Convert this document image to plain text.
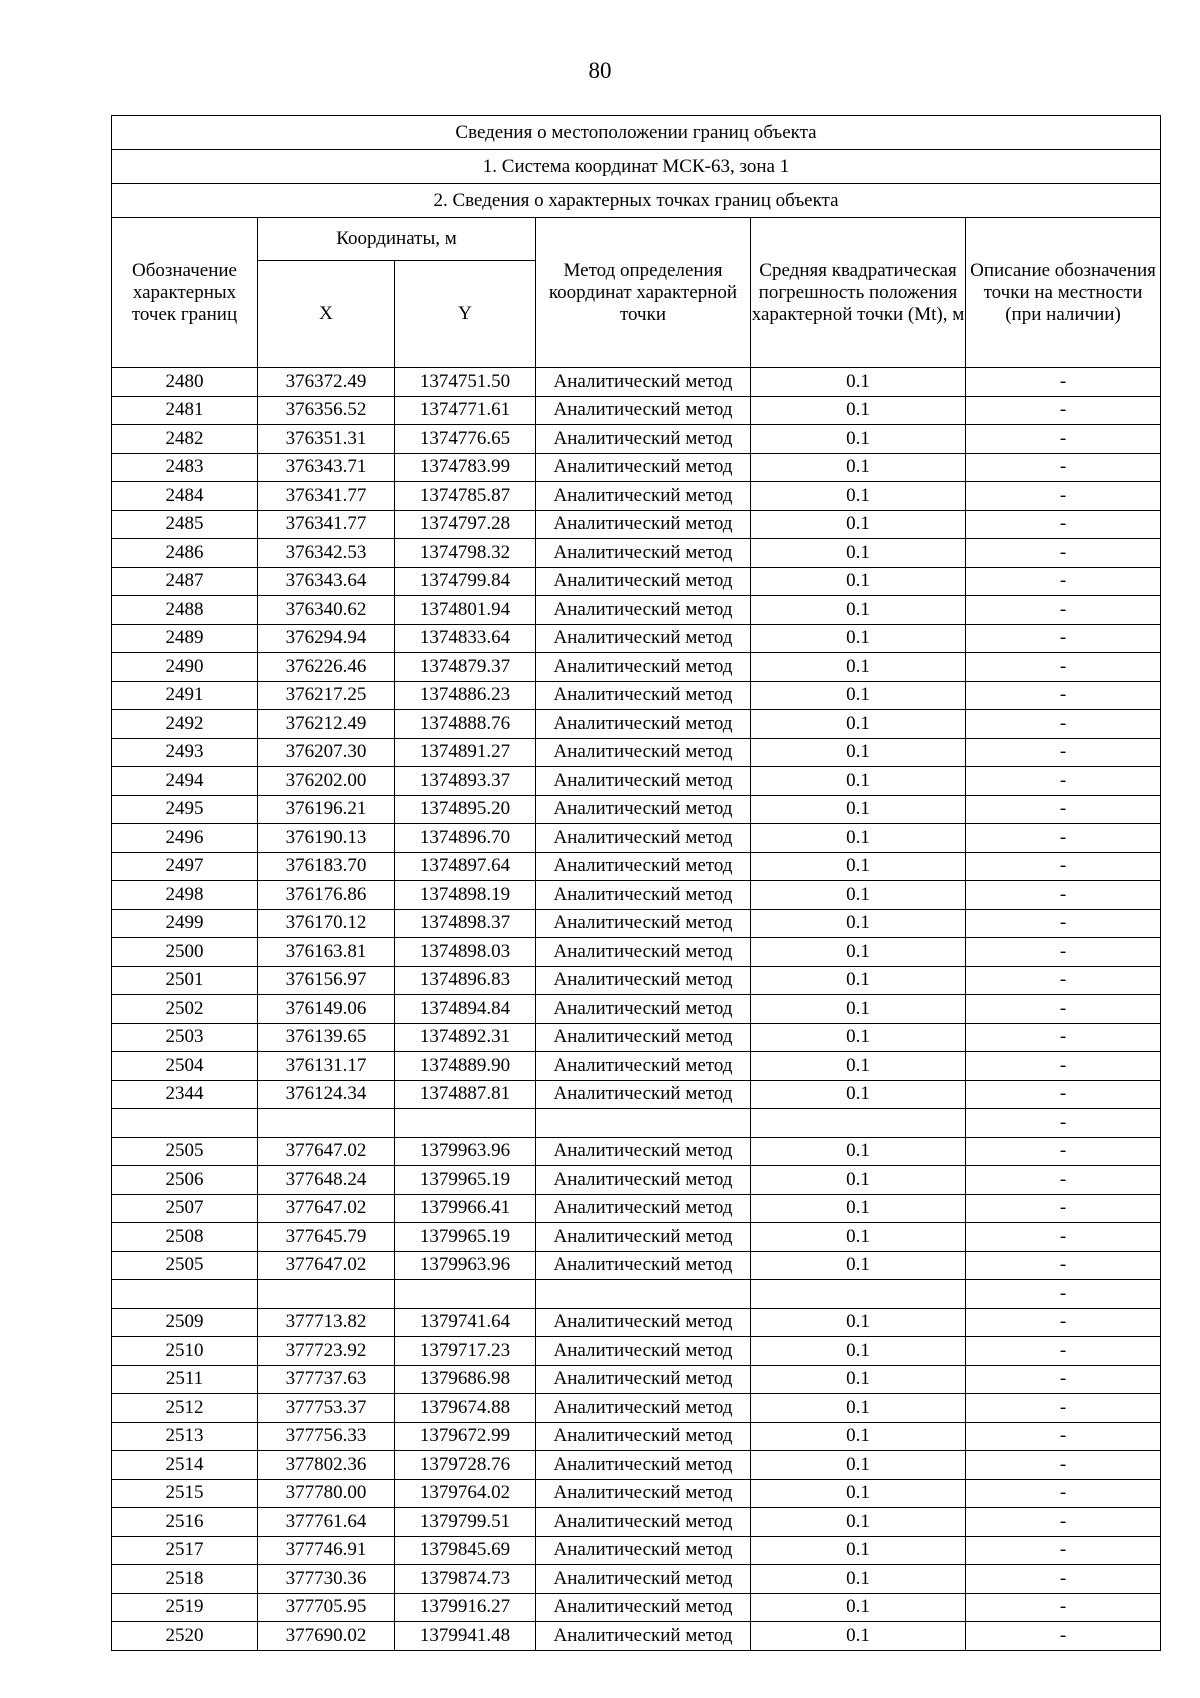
80
Сведения о местоположении границ объекта					
1. Система координат МСК-63, зона 1					
2. Сведения о характерных точках границ объекта					
Обозначение характерных точек границ	Координаты, м		Метод определения координат характерной точки	Средняя квадратическая погрешность положения характерной точки (Mt), м	Описание обозначения точки на местности (при наличии)
	X	Y			
2480	376372.49	1374751.50	Аналитический метод	0.1	-
2481	376356.52	1374771.61	Аналитический метод	0.1	-
2482	376351.31	1374776.65	Аналитический метод	0.1	-
2483	376343.71	1374783.99	Аналитический метод	0.1	-
2484	376341.77	1374785.87	Аналитический метод	0.1	-
2485	376341.77	1374797.28	Аналитический метод	0.1	-
2486	376342.53	1374798.32	Аналитический метод	0.1	-
2487	376343.64	1374799.84	Аналитический метод	0.1	-
2488	376340.62	1374801.94	Аналитический метод	0.1	-
2489	376294.94	1374833.64	Аналитический метод	0.1	-
2490	376226.46	1374879.37	Аналитический метод	0.1	-
2491	376217.25	1374886.23	Аналитический метод	0.1	-
2492	376212.49	1374888.76	Аналитический метод	0.1	-
2493	376207.30	1374891.27	Аналитический метод	0.1	-
2494	376202.00	1374893.37	Аналитический метод	0.1	-
2495	376196.21	1374895.20	Аналитический метод	0.1	-
2496	376190.13	1374896.70	Аналитический метод	0.1	-
2497	376183.70	1374897.64	Аналитический метод	0.1	-
2498	376176.86	1374898.19	Аналитический метод	0.1	-
2499	376170.12	1374898.37	Аналитический метод	0.1	-
2500	376163.81	1374898.03	Аналитический метод	0.1	-
2501	376156.97	1374896.83	Аналитический метод	0.1	-
2502	376149.06	1374894.84	Аналитический метод	0.1	-
2503	376139.65	1374892.31	Аналитический метод	0.1	-
2504	376131.17	1374889.90	Аналитический метод	0.1	-
2344	376124.34	1374887.81	Аналитический метод	0.1	-
					-
2505	377647.02	1379963.96	Аналитический метод	0.1	-
2506	377648.24	1379965.19	Аналитический метод	0.1	-
2507	377647.02	1379966.41	Аналитический метод	0.1	-
2508	377645.79	1379965.19	Аналитический метод	0.1	-
2505	377647.02	1379963.96	Аналитический метод	0.1	-
					-
2509	377713.82	1379741.64	Аналитический метод	0.1	-
2510	377723.92	1379717.23	Аналитический метод	0.1	-
2511	377737.63	1379686.98	Аналитический метод	0.1	-
2512	377753.37	1379674.88	Аналитический метод	0.1	-
2513	377756.33	1379672.99	Аналитический метод	0.1	-
2514	377802.36	1379728.76	Аналитический метод	0.1	-
2515	377780.00	1379764.02	Аналитический метод	0.1	-
2516	377761.64	1379799.51	Аналитический метод	0.1	-
2517	377746.91	1379845.69	Аналитический метод	0.1	-
2518	377730.36	1379874.73	Аналитический метод	0.1	-
2519	377705.95	1379916.27	Аналитический метод	0.1	-
2520	377690.02	1379941.48	Аналитический метод	0.1	-
